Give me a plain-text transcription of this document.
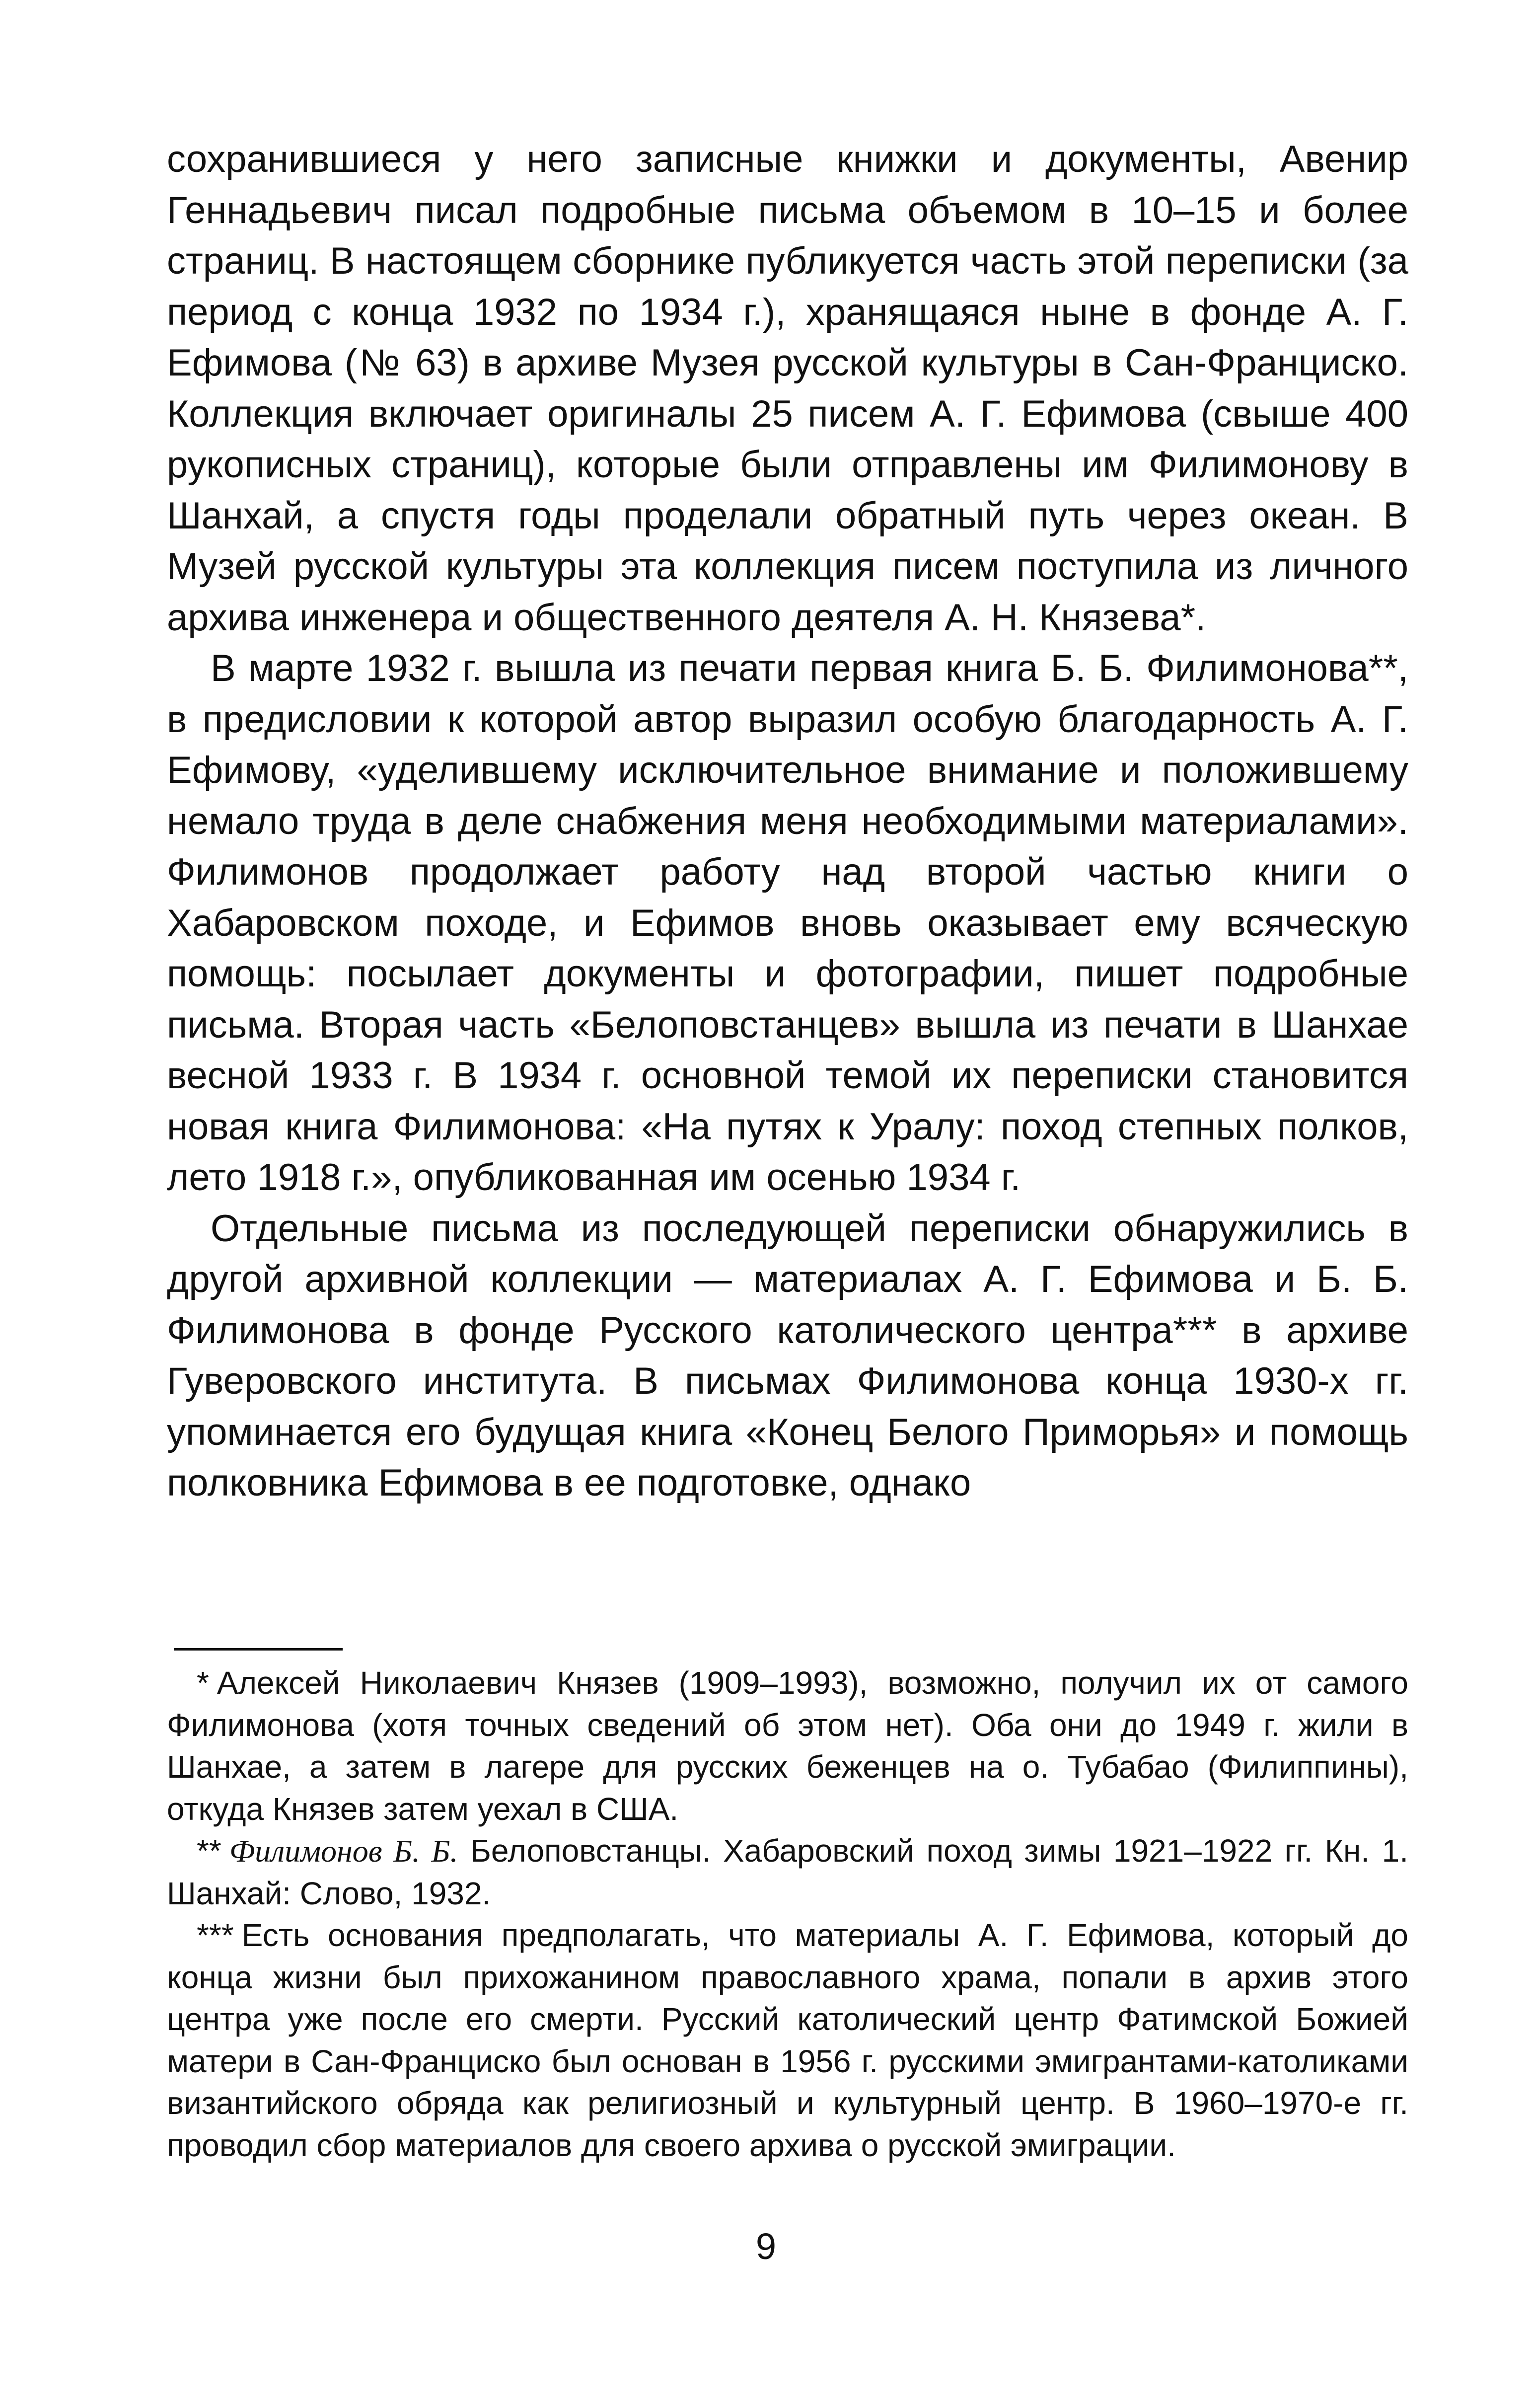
сохранившиеся у него записные книжки и документы, Авенир Геннадьевич писал подробные письма объемом в 10–15 и более страниц. В настоящем сборнике публикуется часть этой переписки (за период с конца 1932 по 1934 г.), хранящаяся ныне в фонде А. Г. Ефимова (№ 63) в архиве Музея русской культуры в Сан-Франциско. Коллекция включает оригиналы 25 писем А. Г. Ефимова (свыше 400 рукописных страниц), которые были отправлены им Филимонову в Шанхай, а спустя годы проделали обратный путь через океан. В Музей русской культуры эта коллекция писем поступила из личного архива инженера и общественного деятеля А. Н. Князева*.

В марте 1932 г. вышла из печати первая книга Б. Б. Филимонова**, в предисловии к которой автор выразил особую благодарность А. Г. Ефимову, «уделившему исключительное внимание и положившему немало труда в деле снабжения меня необходимыми материалами». Филимонов продолжает работу над второй частью книги о Хабаровском походе, и Ефимов вновь оказывает ему всяческую помощь: посылает документы и фотографии, пишет подробные письма. Вторая часть «Белоповстанцев» вышла из печати в Шанхае весной 1933 г. В 1934 г. основной темой их переписки становится новая книга Филимонова: «На путях к Уралу: поход степных полков, лето 1918 г.», опубликованная им осенью 1934 г.

Отдельные письма из последующей переписки обнаружились в другой архивной коллекции — материалах А. Г. Ефимова и Б. Б. Филимонова в фонде Русского католического центра*** в архиве Гуверовского института. В письмах Филимонова конца 1930-х гг. упоминается его будущая книга «Конец Белого Приморья» и помощь полковника Ефимова в ее подготовке, однако

* Алексей Николаевич Князев (1909–1993), возможно, получил их от самого Филимонова (хотя точных сведений об этом нет). Оба они до 1949 г. жили в Шанхае, а затем в лагере для русских беженцев на о. Тубабао (Филиппины), откуда Князев затем уехал в США.

** Филимонов Б. Б. Белоповстанцы. Хабаровский поход зимы 1921–1922 гг. Кн. 1. Шанхай: Слово, 1932.

*** Есть основания предполагать, что материалы А. Г. Ефимова, который до конца жизни был прихожанином православного храма, попали в архив этого центра уже после его смерти. Русский католический центр Фатимской Божией матери в Сан-Франциско был основан в 1956 г. русскими эмигрантами-католиками византийского обряда как религиозный и культурный центр. В 1960–1970-е гг. проводил сбор материалов для своего архива о русской эмиграции.

9
